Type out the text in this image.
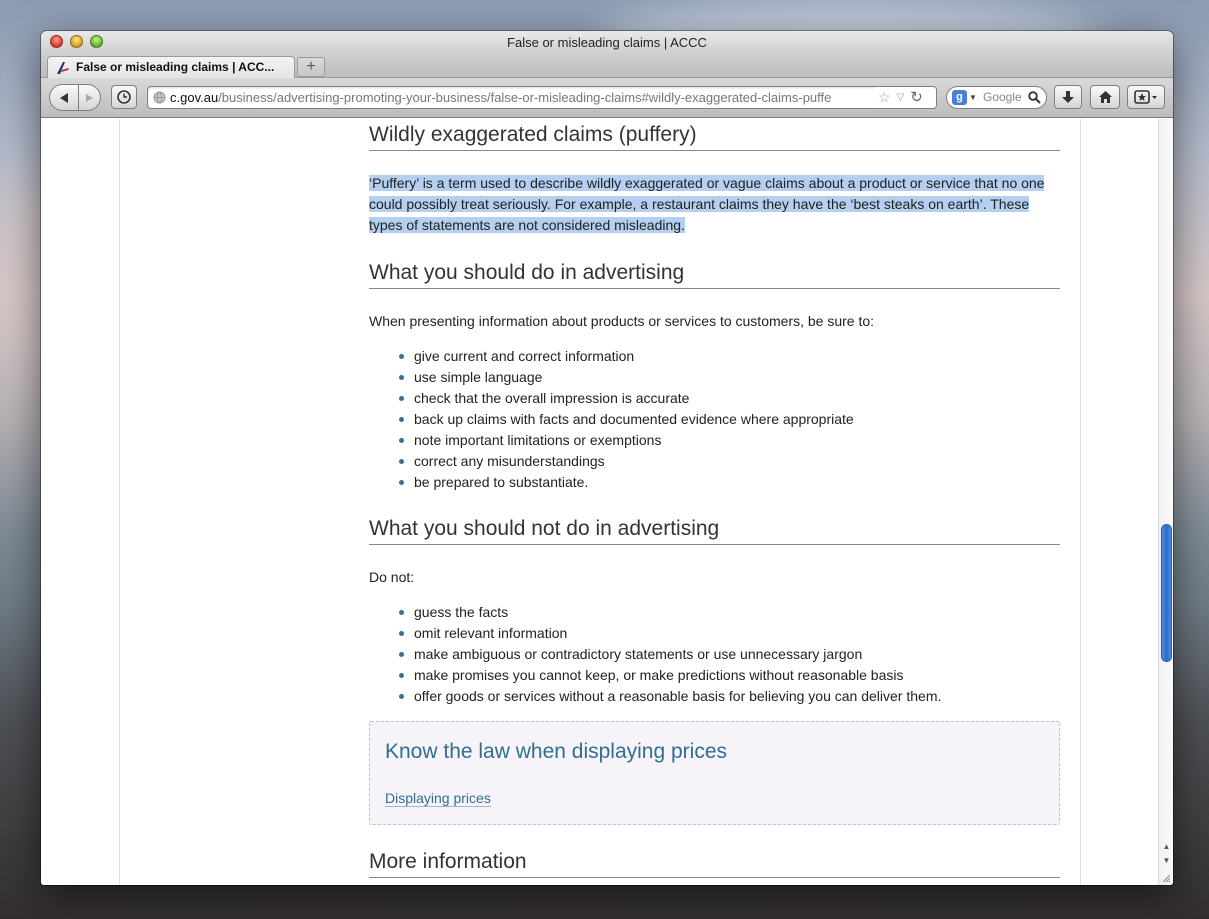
False or misleading claims | ACCC
False or misleading claims | ACC...	+
c.gov.au/business/advertising-promoting-your-business/false-or-misleading-claims#wildly-exaggerated-claims-puffe	☆ ▽ ↻	g ▼ Google
Wildly exaggerated claims (puffery)

‘Puffery’ is a term used to describe wildly exaggerated or vague claims about a product or service that no one
could possibly treat seriously. For example, a restaurant claims they have the ‘best steaks on earth’. These
types of statements are not considered misleading.

What you should do in advertising

When presenting information about products or services to customers, be sure to:

give current and correct information
use simple language
check that the overall impression is accurate
back up claims with facts and documented evidence where appropriate
note important limitations or exemptions
correct any misunderstandings
be prepared to substantiate.
What you should not do in advertising

Do not:

guess the facts
omit relevant information
make ambiguous or contradictory statements or use unnecessary jargon
make promises you cannot keep, or make predictions without reasonable basis
offer goods or services without a reasonable basis for believing you can deliver them.
Know the law when displaying prices
Displaying prices
More information
▲
▼
